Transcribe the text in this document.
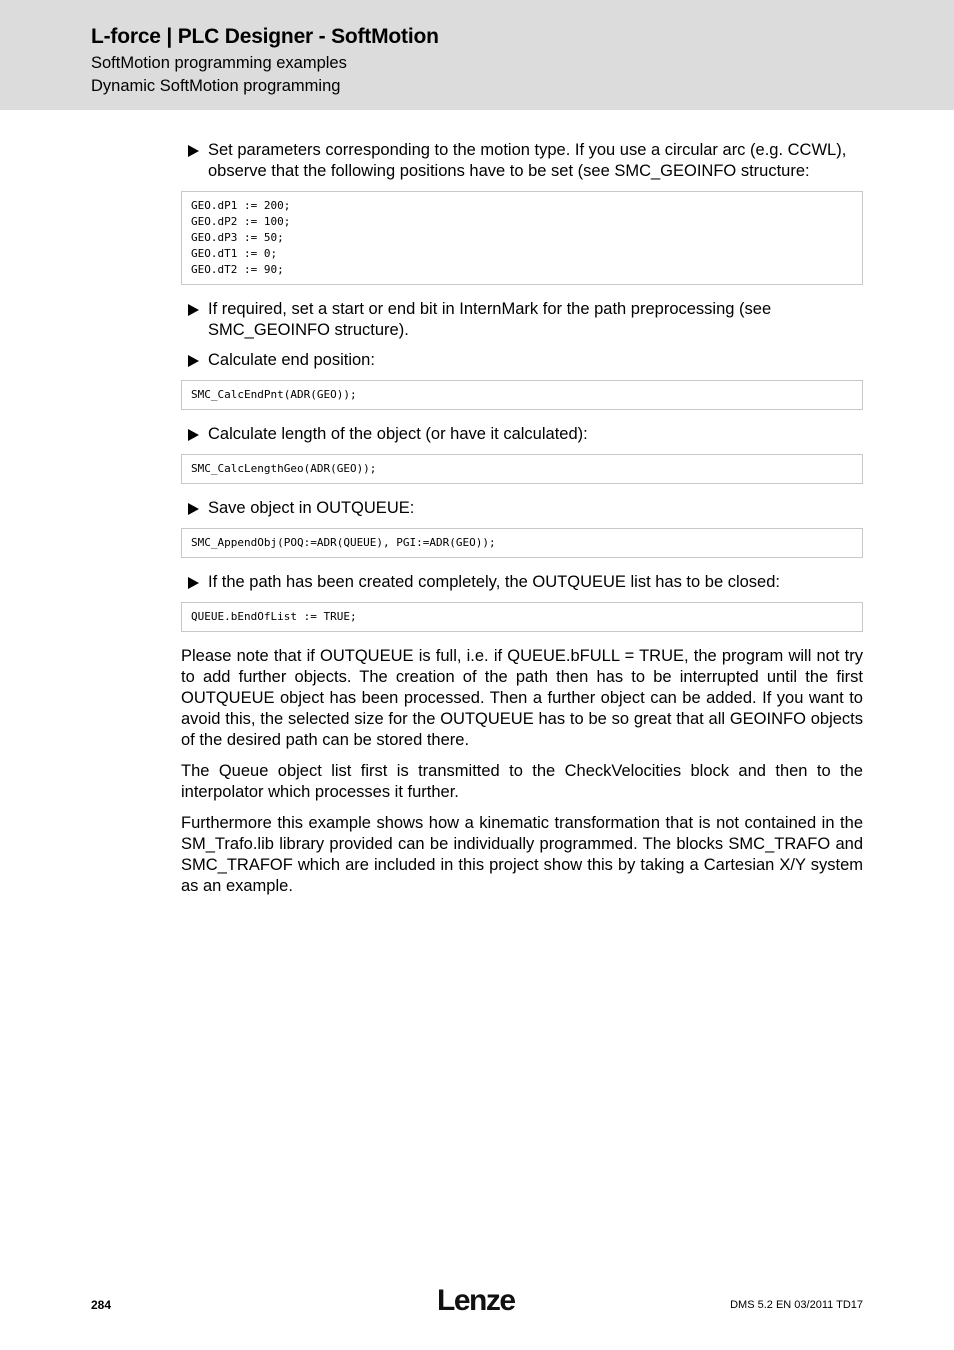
L-force | PLC Designer - SoftMotion
SoftMotion programming examples
Dynamic SoftMotion programming
Set parameters corresponding to the motion type. If you use a circular arc (e.g. CCWL), observe that the following positions have to be set (see SMC_GEOINFO structure:
GEO.dP1 := 200;
GEO.dP2 := 100;
GEO.dP3 := 50;
GEO.dT1 := 0;
GEO.dT2 := 90;
If required, set a start or end bit in InternMark for the path preprocessing (see SMC_GEOINFO structure).
Calculate end position:
SMC_CalcEndPnt(ADR(GEO));
Calculate length of the object (or have it calculated):
SMC_CalcLengthGeo(ADR(GEO));
Save object in OUTQUEUE:
SMC_AppendObj(POQ:=ADR(QUEUE), PGI:=ADR(GEO));
If the path has been created completely, the OUTQUEUE list has to be closed:
QUEUE.bEndOfList := TRUE;
Please note that if OUTQUEUE is full, i.e. if QUEUE.bFULL = TRUE, the program will not try to add further objects. The creation of the path then has to be interrupted until the first OUTQUEUE object has been processed. Then a further object can be added. If you want to avoid this, the selected size for the OUTQUEUE has to be so great that all GEOINFO objects of the desired path can be stored there.
The Queue object list first is transmitted to the CheckVelocities block and then to the interpolator which processes it further.
Furthermore this example shows how a kinematic transformation that is not contained in the SM_Trafo.lib library provided can be individually programmed. The blocks SMC_TRAFO and SMC_TRAFOF which are included in this project show this by taking a Cartesian X/Y system as an example.
284	Lenze	DMS 5.2 EN 03/2011 TD17
